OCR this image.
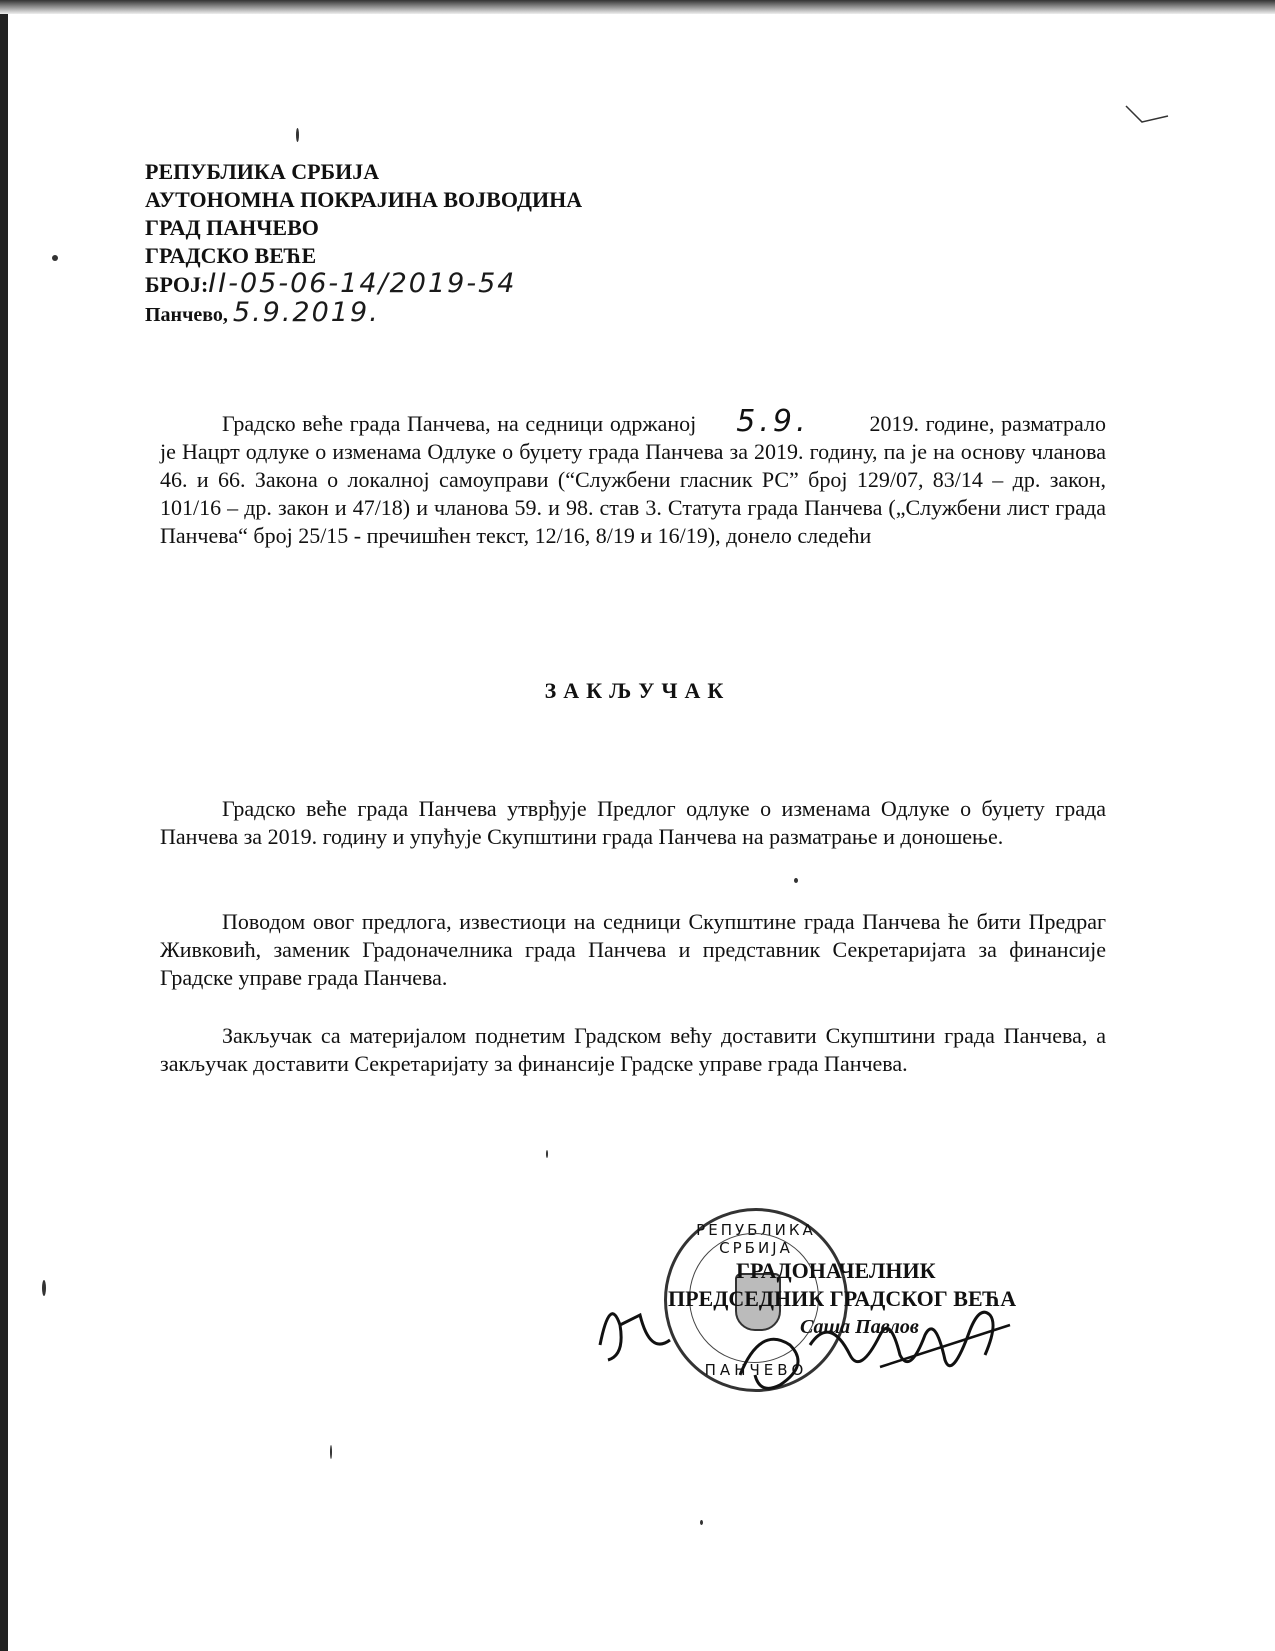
РЕПУБЛИКА СРБИЈА
АУТОНОМНА ПОКРАЈИНА ВОЈВОДИНА
ГРАД ПАНЧЕВО
ГРАДСКО ВЕЋЕ
БРОЈ:II-05-06-14/2019-54
Панчево, 5.9.2019.
Градско веће града Панчева, на седници одржаној 5.9.	2019. године, разматрало је Нацрт одлуке о изменама Одлуке о буџету града Панчева за 2019. годину, па је на основу чланова 46. и 66. Закона о локалној самоуправи (“Службени гласник РС” број 129/07, 83/14 – др. закон, 101/16 – др. закон и 47/18) и чланова 59. и 98. став 3. Статута града Панчева („Службени лист града Панчева“ број 25/15 - пречишћен текст, 12/16, 8/19 и 16/19), донело следећи
ЗАКЉУЧАК
Градско веће града Панчева утврђује Предлог одлуке о изменама Одлуке о буџету града Панчева за 2019. годину и упућује Скупштини града Панчева на разматрање и доношење.
Поводом овог предлога, известиоци на седници Скупштине града Панчева ће бити Предраг Живковић, заменик Градоначелника града Панчева и представник Секретаријата за финансије Градске управе града Панчева.
Закључак са материјалом поднетим Градском већу доставити Скупштини града Панчева, а закључак доставити Секретаријату за финансије Градске управе града Панчева.
РЕПУБЛИКА СРБИЈА
ПАНЧЕВО
ГРАДОНАЧЕЛНИК
ПРЕДСЕДНИК ГРАДСКОГ ВЕЋА
Саша Павлов
